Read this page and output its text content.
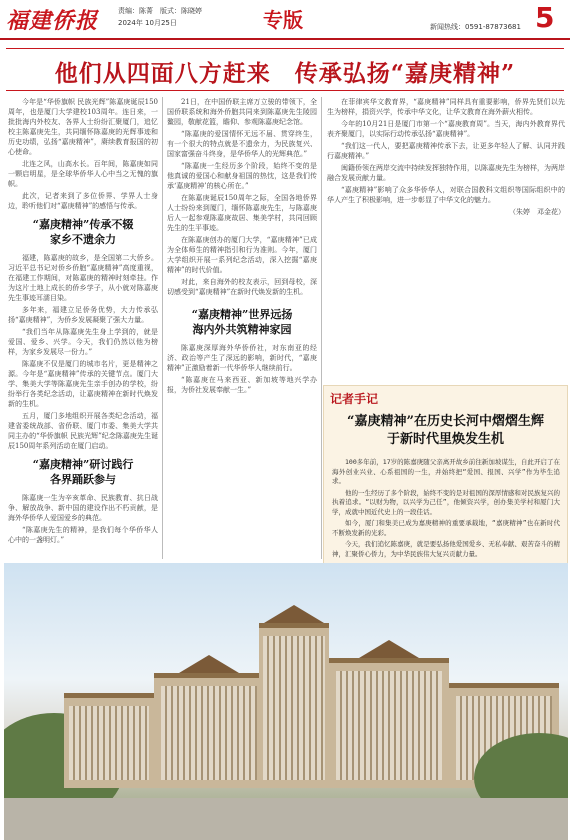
福建侨报	责编：陈菁　版式：陈晓婷
2024年 10月25日	专版	新闻热线：0591-87873681 5
他们从四面八方赶来　传承弘扬“嘉庚精神”

今年是“华侨旗帜 民族光辉”陈嘉庚诞辰150周年，也是厦门大学建校103周年。连日来，一批批海内外校友、各界人士纷纷汇聚厦门，追忆校主陈嘉庚先生，共同缅怀陈嘉庚的光辉事迹和历史功绩，弘扬“嘉庚精神”，赓续教育报国的初心使命。

北连之风，山高水长。百年间，陈嘉庚如同一颗启明星，是全球华侨华人心中当之无愧的旗帜。

此次，记者来到了多位侨界、学界人士身边，聆听他们对“嘉庚精神”的感悟与传承。

“嘉庚精神”传承不辍
家乡不遗余力

福建，陈嘉庚的故乡，是全国第二大侨乡。习近平总书记对侨乡侨胞“嘉庚精神”高度重视，在福建工作期间，对陈嘉庚的精神时刻牵挂。作为这片土地上成长的侨乡学子，从小就对陈嘉庚先生事迹耳濡目染。

多年来，福建立足侨务优势，大力传承弘扬“嘉庚精神”，为侨乡发展凝聚了强大力量。

“我们当年从陈嘉庚先生身上学到的，就是爱国、爱乡、兴学。今天，我们仍然以他为榜样，为家乡发展尽一份力。”

陈嘉庚不仅是厦门的城市名片，更是精神之源。今年是“嘉庚精神”传承的关键节点。厦门大学、集美大学等陈嘉庚先生亲手创办的学校，纷纷举行各类纪念活动，让嘉庚精神在新时代焕发新的生机。

五月，厦门多地组织开展各类纪念活动，福建省委统战部、省侨联、厦门市委、集美大学共同主办的“华侨旗帜 民族光辉”纪念陈嘉庚先生诞辰150周年系列活动在厦门启动。

“嘉庚精神”研讨践行
各界踊跃参与

陈嘉庚一生为辛亥革命、民族教育、抗日战争、解放战争、新中国的建设作出不朽贡献，是海外华侨华人爱国爱乡的典范。

“陈嘉庚先生的精神，是我们每个华侨华人心中的一盏明灯。”

21日，在中国侨联主席万立骏的带领下，全国侨联系统和海外侨胞共同来到陈嘉庚先生陵园鳌园，敬献花篮，瞻仰、参观陈嘉庚纪念馆。

“陈嘉庚的爱国情怀无远不届、贯穿终生，有一个很大的特点就是不遗余力，为民族复兴、国家富强奋斗终身，是华侨华人的光辉典范。”

“陈嘉庚一生经历多个阶段，始终不变的是他真诚的爱国心和献身祖国的热忱，这是我们传承‘嘉庚精神’的核心所在。”

在陈嘉庚诞辰150周年之际，全国各地侨界人士纷纷来到厦门，缅怀陈嘉庚先生，与陈嘉庚后人一起参观陈嘉庚故居、集美学村，共同回顾先生的生平事迹。

在陈嘉庚创办的厦门大学，“嘉庚精神”已成为全体师生的精神指引和行为准则。今年，厦门大学组织开展一系列纪念活动，深入挖掘“嘉庚精神”的时代价值。

对此，来自海外的校友表示，回到母校，深切感受到“嘉庚精神”在新时代焕发新的生机。

“嘉庚精神”世界远扬
海内外共筑精神家园

陈嘉庚深厚海外华侨侨社，对东南亚的经济、政治等产生了深远的影响，新时代，“嘉庚精神”正激励着新一代华侨华人继续前行。

“陈嘉庚在马来西亚、新加坡等地兴学办报，为侨社发展奉献一生。”

在菲律宾华文教育界，“嘉庚精神”同样具有重要影响，侨界先贤们以先生为榜样，捐资兴学，传承中华文化，让华文教育在海外薪火相传。

今年的10月21日是厦门市第一个“嘉庚教育周”。当天，海内外教育界代表齐聚厦门，以实际行动传承弘扬“嘉庚精神”。

“我们这一代人，要把嘉庚精神传承下去，让更多年轻人了解、认同并践行嘉庚精神。”

闽籍侨领在两岸交流中持续发挥独特作用，以陈嘉庚先生为榜样，为两岸融合发展贡献力量。

“嘉庚精神”影响了众多华侨华人，对联合国教科文组织等国际组织中的华人产生了积极影响，进一步彰显了中华文化的魅力。

（朱婷　邓金花）
记者手记
“嘉庚精神”在历史长河中熠熠生辉
于新时代里焕发生机

100多年前，17岁的陈嘉庚随父亲离开故乡前往新加坡谋生，自此开启了在海外创业兴业、心系祖国的一生，并始终把“爱国、报国、兴学”作为毕生追求。

他的一生经历了多个阶段，始终不变的是对祖国的深厚情感和对民族复兴的执着追求。“以财为物，以兴学为己任”，他倾资兴学，创办集美学村和厦门大学，成就中国近代史上的一段佳话。

如今，厦门和集美已成为嘉庚精神的重要承载地，“嘉庚精神”也在新时代不断焕发新的光彩。

今天，我们追忆陈嘉庚，就是要弘扬他爱国爱乡、无私奉献、艰苦奋斗的精神，汇聚侨心侨力，为中华民族伟大复兴贡献力量。
